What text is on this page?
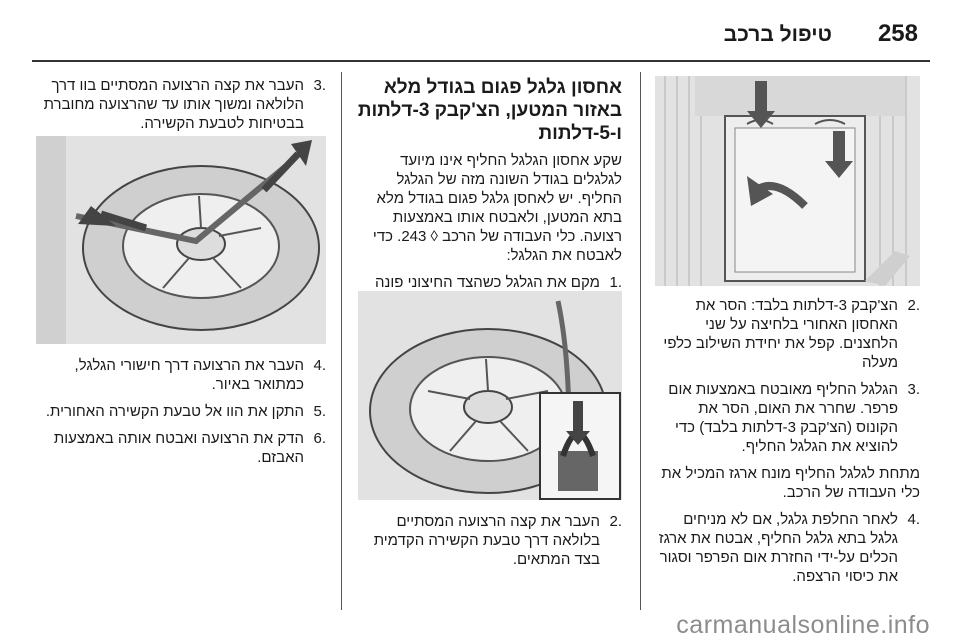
258
טיפול ברכב
.2
הצ'קבק 3-דלתות בלבד: הסר את האחסון האחורי בלחיצה על שני הלחצנים. קפל את יחידת השילוב כלפי מעלה
.3
הגלגל החליף מאובטח באמצעות אום פרפר. שחרר את האום, הסר את הקונוס (הצ'קבק 3-דלתות בלבד) כדי להוציא את הגלגל החליף.
מתחת לגלגל החליף מונח ארגז המכיל את כלי העבודה של הרכב.
.4
לאחר החלפת גלגל, אם לא מניחים גלגל בתא גלגל החליף, אבטח את ארגז הכלים על-ידי החזרת אום הפרפר וסגור את כיסוי הרצפה.
אחסון גלגל פגום בגודל מלא באזור המטען, הצ'קבק 3-דלתות ו-5-דלתות
שקע אחסון הגלגל החליף אינו מיועד לגלגלים בגודל השונה מזה של הגלגל החליף. יש לאחסן גלגל פגום בגודל מלא בתא המטען, ולאבטח אותו באמצעות רצועה. כלי העבודה של הרכב ◊ 243. כדי לאבטח את הגלגל:
.1
מקם את הגלגל כשהצד החיצוני פונה
.2
העבר את קצה הרצועה המסתיים בלולאה דרך טבעת הקשירה הקדמית בצד המתאים.
.3
העבר את קצה הרצועה המסתיים בוו דרך הלולאה ומשוך אותו עד שהרצועה מחוברת בבטיחות לטבעת הקשירה.
.4
העבר את הרצועה דרך חישורי הגלגל, כמתואר באיור.
.5
התקן את הוו אל טבעת הקשירה האחורית.
.6
הדק את הרצועה ואבטח אותה באמצעות האבזם.
carmanualsonline.info
